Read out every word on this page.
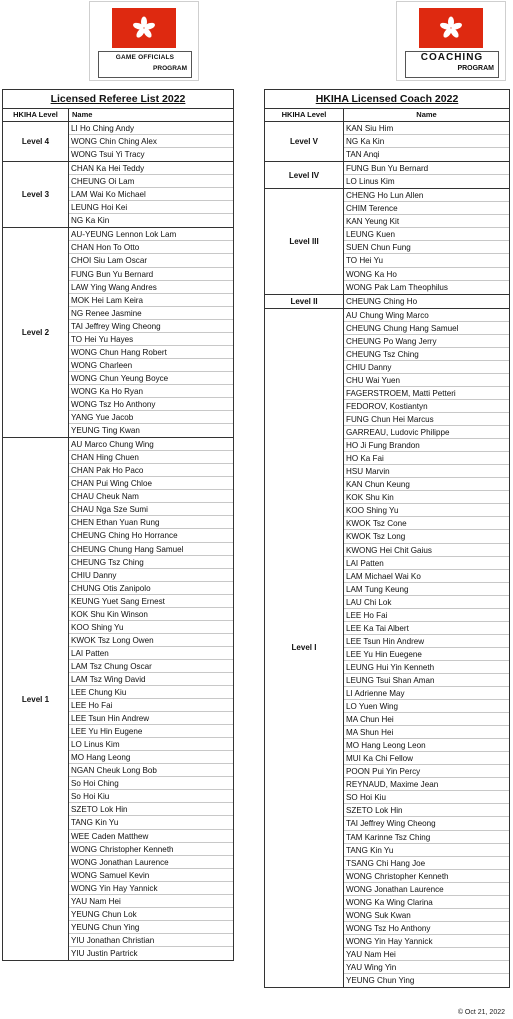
GAME OFFICIALS
PROGRAM
COACHING
PROGRAM
Licensed Referee List 2022
HKIHA Level	Name
Level 4
LI Ho Ching Andy
WONG Chin Ching Alex
WONG Tsui Yi Tracy
Level 3
CHAN Ka Hei Teddy
CHEUNG Oi Lam
LAM Wai Ko Michael
LEUNG Hoi Kei
NG Ka Kin
Level 2
AU-YEUNG Lennon Lok Lam
CHAN Hon To Otto
CHOI Siu Lam Oscar
FUNG Bun Yu Bernard
LAW Ying Wang Andres
MOK Hei Lam Keira
NG Renee Jasmine
TAI Jeffrey Wing Cheong
TO Hei Yu Hayes
WONG Chun Hang Robert
WONG Charleen
WONG Chun Yeung Boyce
WONG Ka Ho Ryan
WONG Tsz Ho Anthony
YANG Yue Jacob
YEUNG Ting Kwan
Level 1
AU Marco Chung Wing
CHAN Hing Chuen
CHAN Pak Ho Paco
CHAN Pui Wing Chloe
CHAU Cheuk Nam
CHAU Nga Sze Sumi
CHEN Ethan Yuan Rung
CHEUNG Ching Ho Horrance
CHEUNG Chung Hang Samuel
CHEUNG Tsz Ching
CHIU Danny
CHUNG Otis Zanipolo
KEUNG Yuet Sang Ernest
KOK Shu Kin Winson
KOO Shing Yu
KWOK Tsz Long Owen
LAI Patten
LAM Tsz Chung Oscar
LAM Tsz Wing David
LEE Chung Kiu
LEE Ho Fai
LEE Tsun Hin Andrew
LEE Yu Hin Eugene
LO Linus Kim
MO Hang Leong
NGAN Cheuk Long Bob
So Hoi Ching
So Hoi Kiu
SZETO Lok Hin
TANG Kin Yu
WEE Caden Matthew
WONG Christopher Kenneth
WONG Jonathan Laurence
WONG Samuel Kevin
WONG Yin Hay Yannick
YAU Nam Hei
YEUNG Chun Lok
YEUNG Chun Ying
YIU Jonathan Christian
YIU Justin Partrick
HKIHA Licensed Coach 2022
HKIHA Level	Name
Level V
KAN Siu Him
NG Ka Kin
TAN Anqi
Level IV
FUNG Bun Yu Bernard
LO Linus Kim
Level III
CHENG Ho Lun Allen
CHIM Terence
KAN Yeung Kit
LEUNG Kuen
SUEN Chun Fung
TO Hei Yu
WONG Ka Ho
WONG Pak Lam Theophilus
Level II	CHEUNG Ching Ho
Level I
AU Chung Wing Marco
CHEUNG Chung Hang Samuel
CHEUNG Po Wang Jerry
CHEUNG Tsz Ching
CHIU Danny
CHU Wai Yuen
FAGERSTROEM, Matti Petteri
FEDOROV, Kostiantyn
FUNG Chun Hei Marcus
GARREAU, Ludovic Philippe
HO Ji Fung Brandon
HO Ka Fai
HSU Marvin
KAN Chun Keung
KOK Shu Kin
KOO Shing Yu
KWOK Tsz Cone
KWOK Tsz Long
KWONG Hei Chit Gaius
LAI Patten
LAM Michael Wai Ko
LAM Tung Keung
LAU Chi Lok
LEE Ho Fai
LEE Ka Tai Albert
LEE Tsun Hin Andrew
LEE Yu Hin Euegene
LEUNG Hui Yin Kenneth
LEUNG Tsui Shan Aman
LI Adrienne May
LO Yuen Wing
MA Chun Hei
MA Shun Hei
MO Hang Leong Leon
MUI Ka Chi Fellow
POON Pui Yin Percy
REYNAUD, Maxime Jean
SO Hoi Kiu
SZETO Lok Hin
TAI Jeffrey Wing Cheong
TAM Karinne Tsz Ching
TANG Kin Yu
TSANG Chi Hang Joe
WONG Christopher Kenneth
WONG Jonathan Laurence
WONG Ka Wing Clarina
WONG Suk Kwan
WONG Tsz Ho Anthony
WONG Yin Hay Yannick
YAU Nam Hei
YAU Wing Yin
YEUNG Chun Ying
© Oct 21, 2022
